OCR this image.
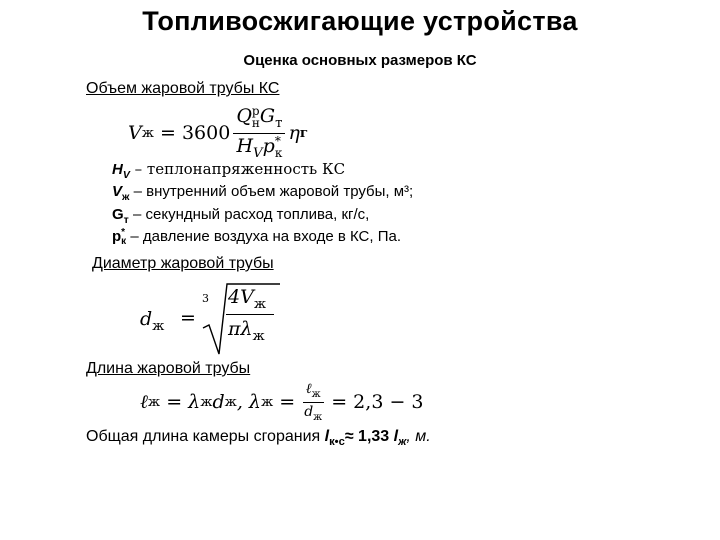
Топливосжигающие устройства
Оценка основных размеров КС
Объем жаровой трубы КС
V ж = 3600 Q р
н $G_т$
$H_Vp$ *
к η г
$H_V$ – теплонапряженность КС
$V_ж$ – внутренний объем жаровой трубы, м³;
$G_т$ – секундный расход топлива, кг/с,
р *
к – давление воздуха на входе в КС, Па.
Диаметр жаровой трубы
$d_ж$ =
3 $4V_ж$
$\pi\lambda_ж$
Длина жаровой трубы
ℓ ж = λ ж d ж , λ $ж = \frac{\ell_ж}{d_ж} = 2,3 - 3$
Общая длина камеры сгорания $l_{к•с}\approx 1,33$ $l_ж$, м.
